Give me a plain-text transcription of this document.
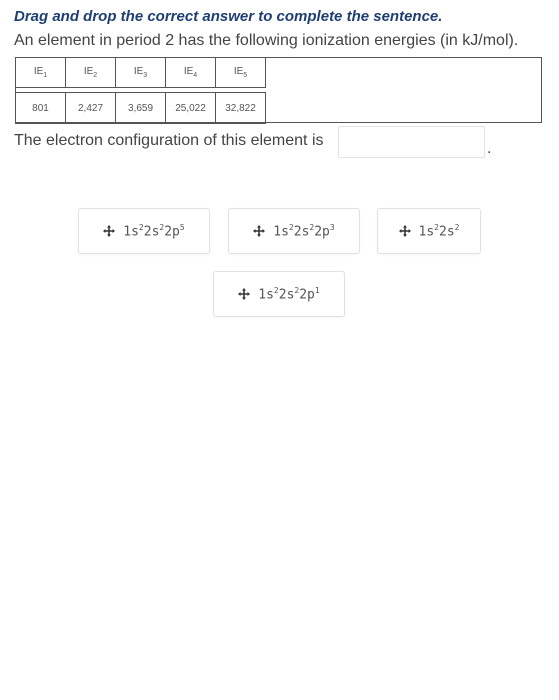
Drag and drop the correct answer to complete the sentence.
An element in period 2 has the following ionization energies (in kJ/mol).
$IE_1$	$IE_2$	$IE_3$	$IE_4$	$IE_5$

801	2,427	3,659	25,022	32,822
The electron configuration of this element is	.
$1s^22s^22p^5$	$1s^22s^22p^3$	$1s^22s^2$
$1s^22s^22p^1$
